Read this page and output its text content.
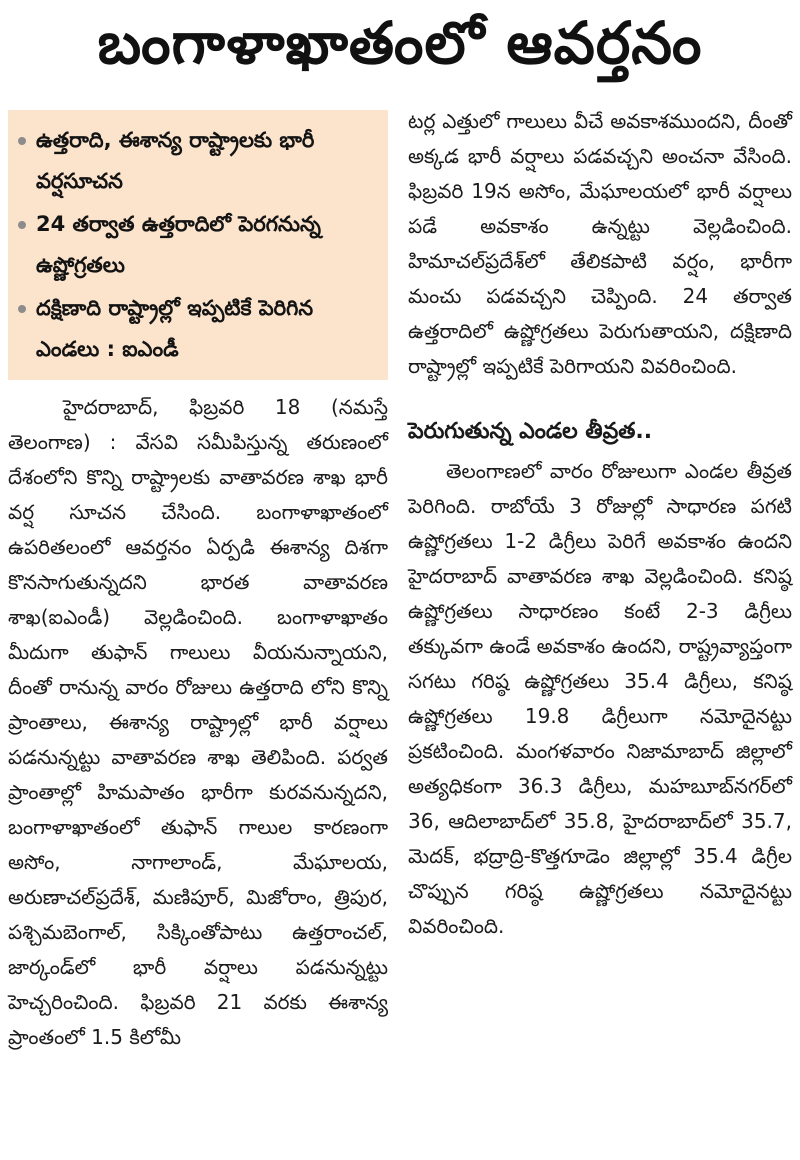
బంగాళాఖాతంలో ఆవర్తనం
ఉత్తరాది, ఈశాన్య రాష్ట్రాలకు భారీ వర్షసూచన
24 తర్వాత ఉత్తరాదిలో పెరగనున్న ఉష్ణోగ్రతలు
దక్షిణాది రాష్ట్రాల్లో ఇప్పటికే పెరిగిన ఎండలు : ఐఎండీ

హైదరాబాద్, ఫిబ్రవరి 18 (నమస్తే తెలంగాణ) : వేసవి సమీపిస్తున్న తరుణంలో దేశంలోని కొన్ని రాష్ట్రాలకు వాతావరణ శాఖ భారీ వర్ష సూచన చేసింది. బంగాళాఖాతంలో ఉపరితలంలో ఆవర్తనం ఏర్పడి ఈశాన్య దిశగా కొనసాగుతున్నదని భారత వాతావరణ శాఖ(ఐఎండీ) వెల్లడించింది. బంగాళాఖాతం మీదుగా తుఫాన్ గాలులు వీయనున్నాయని, దీంతో రానున్న వారం రోజులు ఉత్తరాది లోని కొన్ని ప్రాంతాలు, ఈశాన్య రాష్ట్రాల్లో భారీ వర్షాలు పడనున్నట్టు వాతావరణ శాఖ తెలిపింది. పర్వత ప్రాంతాల్లో హిమపాతం భారీగా కురవనున్నదని, బంగాళాఖాతంలో తుఫాన్ గాలుల కారణంగా అసోం, నాగాలాండ్, మేఘాలయ, అరుణాచల్‌ప్రదేశ్, మణిపూర్, మిజోరాం, త్రిపుర, పశ్చిమబెంగాల్, సిక్కింతోపాటు ఉత్తరాంచల్, జార్కండ్‌లో భారీ వర్షాలు పడనున్నట్టు హెచ్చరించింది. ఫిబ్రవరి 21 వరకు ఈశాన్య ప్రాంతంలో 1.5 కిలోమీ

టర్ల ఎత్తులో గాలులు వీచే అవకాశముందని, దీంతో అక్కడ భారీ వర్షాలు పడవచ్చని అంచనా వేసింది. ఫిబ్రవరి 19న అసోం, మేఘాలయలో భారీ వర్షాలు పడే అవకాశం ఉన్నట్టు వెల్లడించింది. హిమాచల్‌ప్రదేశ్‌లో తేలికపాటి వర్షం, భారీగా మంచు పడవచ్చని చెప్పింది. 24 తర్వాత ఉత్తరాదిలో ఉష్ణోగ్రతలు పెరుగుతాయని, దక్షిణాది రాష్ట్రాల్లో ఇప్పటికే పెరిగాయని వివరించింది.

పెరుగుతున్న ఎండల తీవ్రత..

తెలంగాణలో వారం రోజులుగా ఎండల తీవ్రత పెరిగింది. రాబోయే 3 రోజుల్లో సాధారణ పగటి ఉష్ణోగ్రతలు 1-2 డిగ్రీలు పెరిగే అవకాశం ఉందని హైదరాబాద్ వాతావరణ శాఖ వెల్లడించింది. కనిష్ఠ ఉష్ణోగ్రతలు సాధారణం కంటే 2-3 డిగ్రీలు తక్కువగా ఉండే అవకాశం ఉందని, రాష్ట్రవ్యాప్తంగా సగటు గరిష్ఠ ఉష్ణోగ్రతలు 35.4 డిగ్రీలు, కనిష్ఠ ఉష్ణోగ్రతలు 19.8 డిగ్రీలుగా నమోదైనట్టు ప్రకటించింది. మంగళవారం నిజామాబాద్ జిల్లాలో అత్యధికంగా 36.3 డిగ్రీలు, మహబూబ్‌నగర్‌లో 36, ఆదిలాబాద్‌లో 35.8, హైదరాబాద్‌లో 35.7, మెదక్, భద్రాద్రి-కొత్తగూడెం జిల్లాల్లో 35.4 డిగ్రీల చొప్పున గరిష్ఠ ఉష్ణోగ్రతలు నమోదైనట్టు వివరించింది.
